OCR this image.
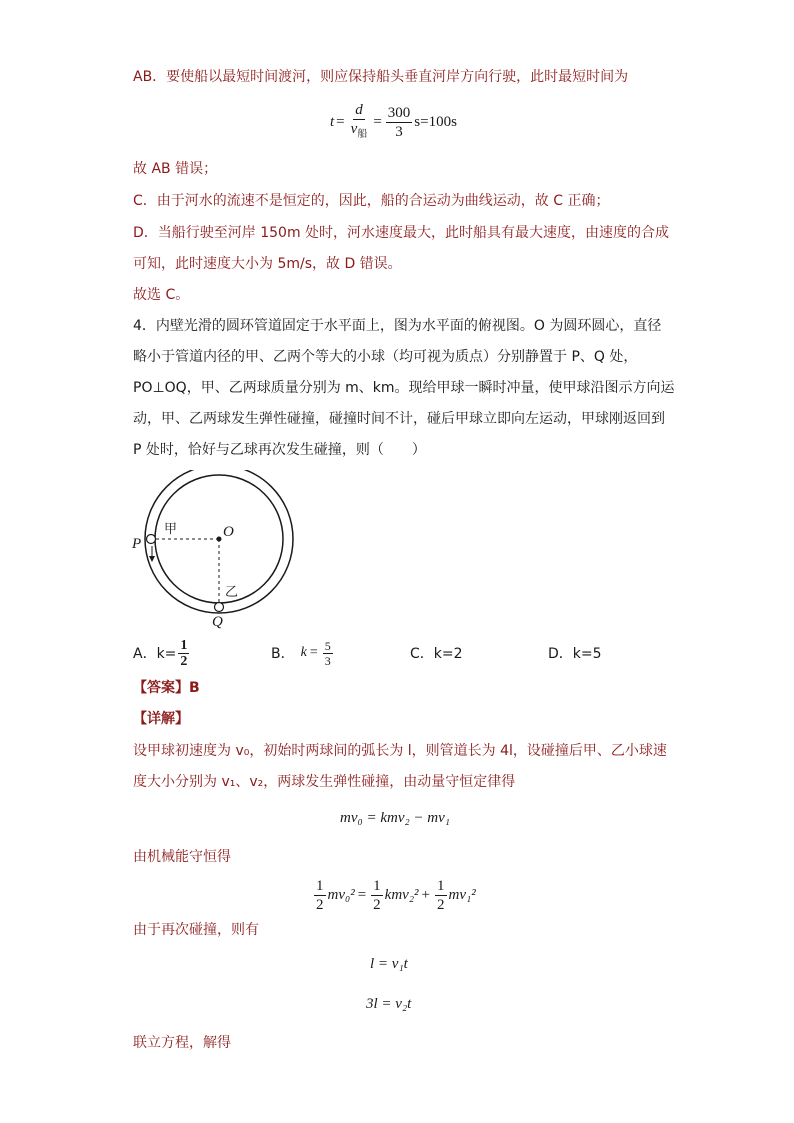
AB．要使船以最短时间渡河，则应保持船头垂直河岸方向行驶，此时最短时间为
$t = \frac{d}{v_船} = \frac{300}{3} s=100s$
故 AB 错误；
C．由于河水的流速不是恒定的，因此，船的合运动为曲线运动，故 C 正确；
D．当船行驶至河岸 150m 处时，河水速度最大，此时船具有最大速度，由速度的合成
可知，此时速度大小为 5m/s，故 D 错误。
故选 C。
4．内壁光滑的圆环管道固定于水平面上，图为水平面的俯视图。O 为圆环圆心，直径
略小于管道内径的甲、乙两个等大的小球（均可视为质点）分别静置于 P、Q 处，
PO⊥OQ，甲、乙两球质量分别为 m、km。现给甲球一瞬时冲量，使甲球沿图示方向运
动，甲、乙两球发生弹性碰撞，碰撞时间不计，碰后甲球立即向左运动，甲球刚返回到
P 处时，恰好与乙球再次发生碰撞，则（　　）
P
Q
O
甲
乙
A．$k= \frac{1}{2}$	B． $k = \frac{5}{3}$	C．k=2	D．k=5
【答案】B
【详解】
设甲球初速度为 v₀，初始时两球间的弧长为 l，则管道长为 4l，设碰撞后甲、乙小球速
度大小分别为 v₁、v₂，两球发生弹性碰撞，由动量守恒定律得
mv₀ = kmv₂ − mv₁
由机械能守恒得
$\frac{1}{2} mv_0^2 = \frac{1}{2} kmv_2^2 + \frac{1}{2} mv_1^2$
由于再次碰撞，则有
l = v₁t
3l = v₂t
联立方程，解得
